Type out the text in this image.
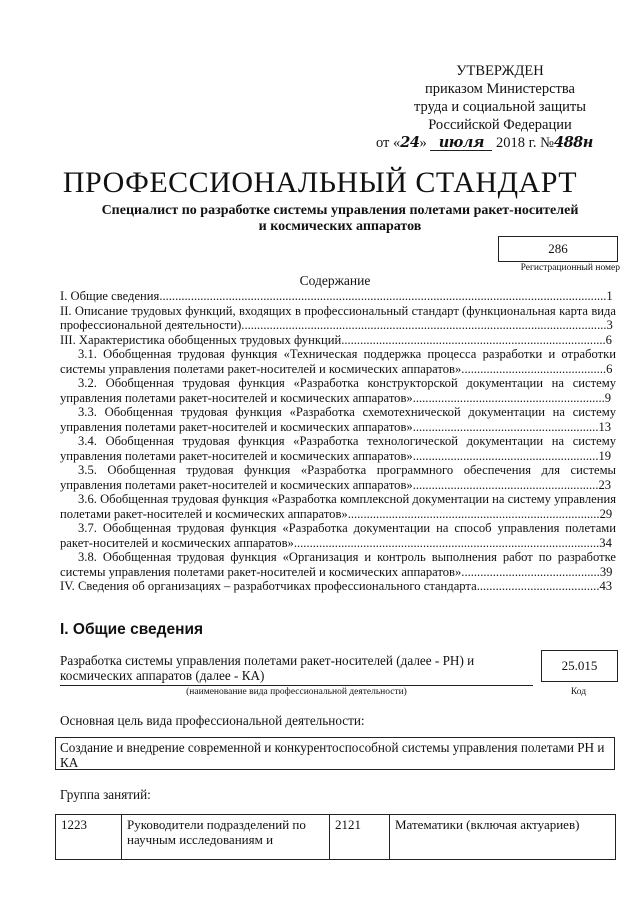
УТВЕРЖДЕН
приказом Министерства
труда и социальной защиты
Российской Федерации
от «24» июля 2018 г. №488н
ПРОФЕССИОНАЛЬНЫЙ СТАНДАРТ
Специалист по разработке системы управления полетами ракет-носителей
и космических аппаратов
286
Регистрационный номер
Содержание
I. Общие сведения..............................................................................................................................................1
II. Описание трудовых функций, входящих в профессиональный стандарт (функциональная карта вида профессиональной деятельности)....................................................................................................................3
III. Характеристика обобщенных трудовых функций....................................................................................6
3.1. Обобщенная трудовая функция «Техническая поддержка процесса разработки и отработки системы управления полетами ракет-носителей и космических аппаратов»..............................................6
3.2. Обобщенная трудовая функция «Разработка конструкторской документации на систему управления полетами ракет-носителей и космических аппаратов».............................................................9
3.3. Обобщенная трудовая функция «Разработка схемотехнической документации на систему управления полетами ракет-носителей и космических аппаратов»...........................................................13
3.4. Обобщенная трудовая функция «Разработка технологической документации на систему управления полетами ракет-носителей и космических аппаратов»...........................................................19
3.5. Обобщенная трудовая функция «Разработка программного обеспечения для системы управления полетами ракет-носителей и космических аппаратов»...........................................................23
3.6. Обобщенная трудовая функция «Разработка комплексной документации на систему управления полетами ракет-носителей и космических аппаратов»................................................................................29
3.7. Обобщенная трудовая функция «Разработка документации на способ управления полетами ракет-носителей и космических аппаратов».................................................................................................34
3.8. Обобщенная трудовая функция «Организация и контроль выполнения работ по разработке системы управления полетами ракет-носителей и космических аппаратов»............................................39
IV. Сведения об организациях – разработчиках профессионального стандарта.......................................43
I. Общие сведения
Разработка системы управления полетами ракет-носителей (далее - РН) и
космических аппаратов (далее - КА)
(наименование вида профессиональной деятельности)
25.015
Код
Основная цель вида профессиональной деятельности:
Создание и внедрение современной и конкурентоспособной системы управления полетами РН и КА
Группа занятий:
1223	Руководители подразделений по научным исследованиям и	2121	Математики (включая актуариев)
